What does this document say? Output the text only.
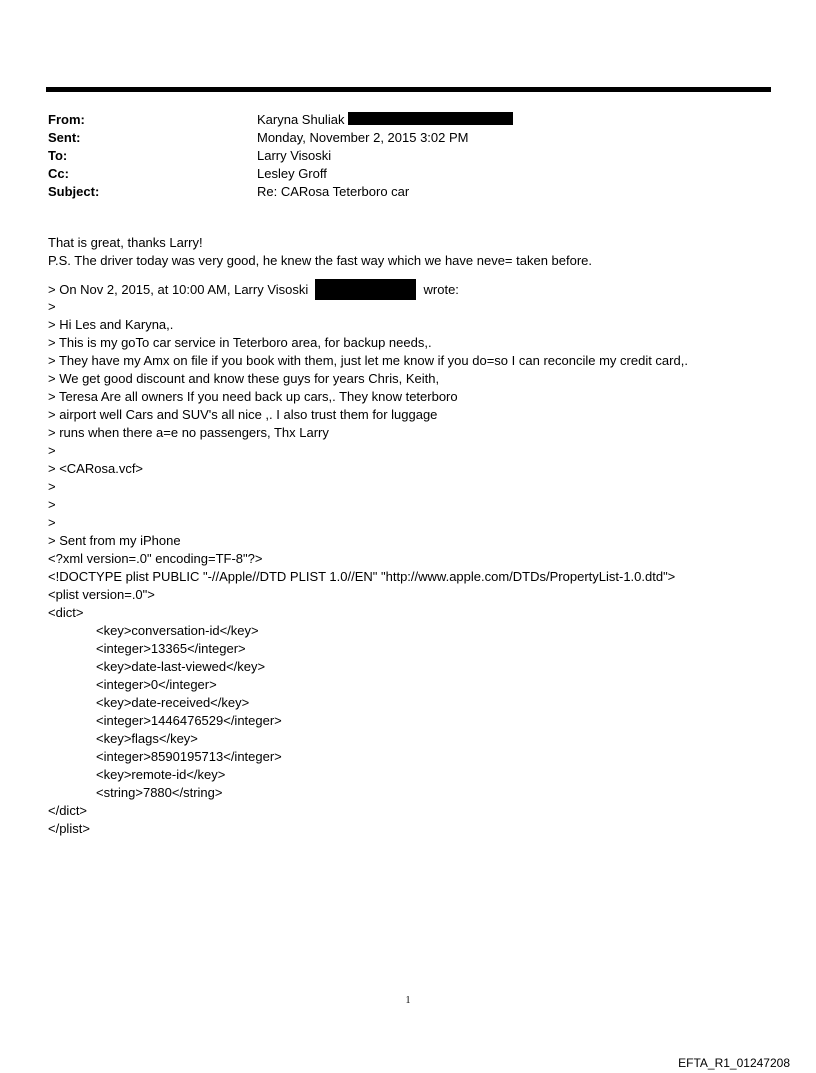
From:	Karyna Shuliak
Sent:	Monday, November 2, 2015 3:02 PM
To:	Larry Visoski
Cc:	Lesley Groff
Subject:	Re: CARosa Teterboro car
That is great, thanks Larry!
P.S. The driver today was very good, he knew the fast way which we have neve= taken before.
> On Nov 2, 2015, at 10:00 AM, Larry Visoski	wrote:
>
> Hi Les and Karyna,.
> This is my goTo car service in Teterboro area, for backup needs,.
> They have my Amx on file if you book with them, just let me know if you do=so I can reconcile my credit card,.
> We get good discount and know these guys for years Chris, Keith,
> Teresa Are all owners If you need back up cars,. They know teterboro
> airport well Cars and SUV's all nice ,. I also trust them for luggage
> runs when there a=e no passengers, Thx Larry
>
> <CARosa.vcf>
>
>
>
> Sent from my iPhone
<?xml version=.0" encoding=TF-8"?>
<!DOCTYPE plist PUBLIC "-//Apple//DTD PLIST 1.0//EN" "http://www.apple.com/DTDs/PropertyList-1.0.dtd">
<plist version=.0">
<dict>
<key>conversation-id</key>
<integer>13365</integer>
<key>date-last-viewed</key>
<integer>0</integer>
<key>date-received</key>
<integer>1446476529</integer>
<key>flags</key>
<integer>8590195713</integer>
<key>remote-id</key>
<string>7880</string>
</dict>
</plist>
1
EFTA_R1_01247208
